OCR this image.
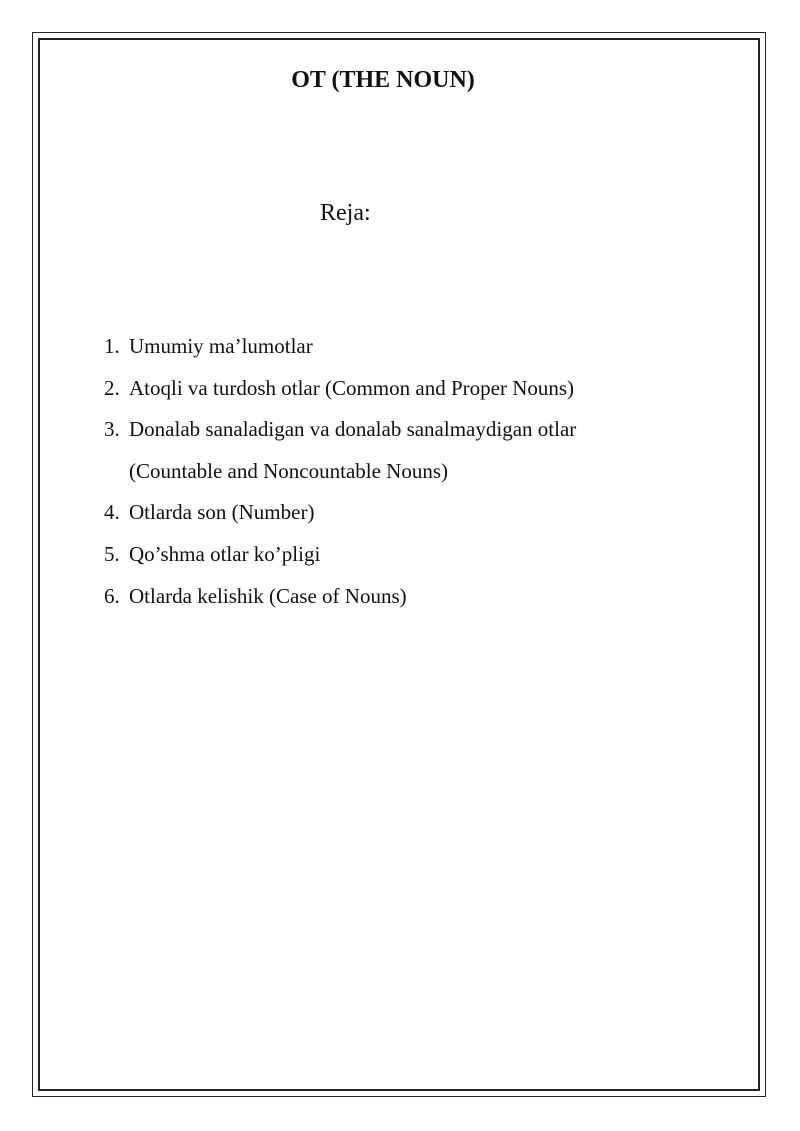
OT (THE NOUN)
Reja:
1. Umumiy ma’lumotlar
2. Atoqli va turdosh otlar (Common and Proper Nouns)
3. Donalab sanaladigan va donalab sanalmaydigan otlar
(Countable and Noncountable Nouns)
4. Otlarda son (Number)
5. Qo’shma otlar ko’pligi
6. Otlarda kelishik (Case of Nouns)
